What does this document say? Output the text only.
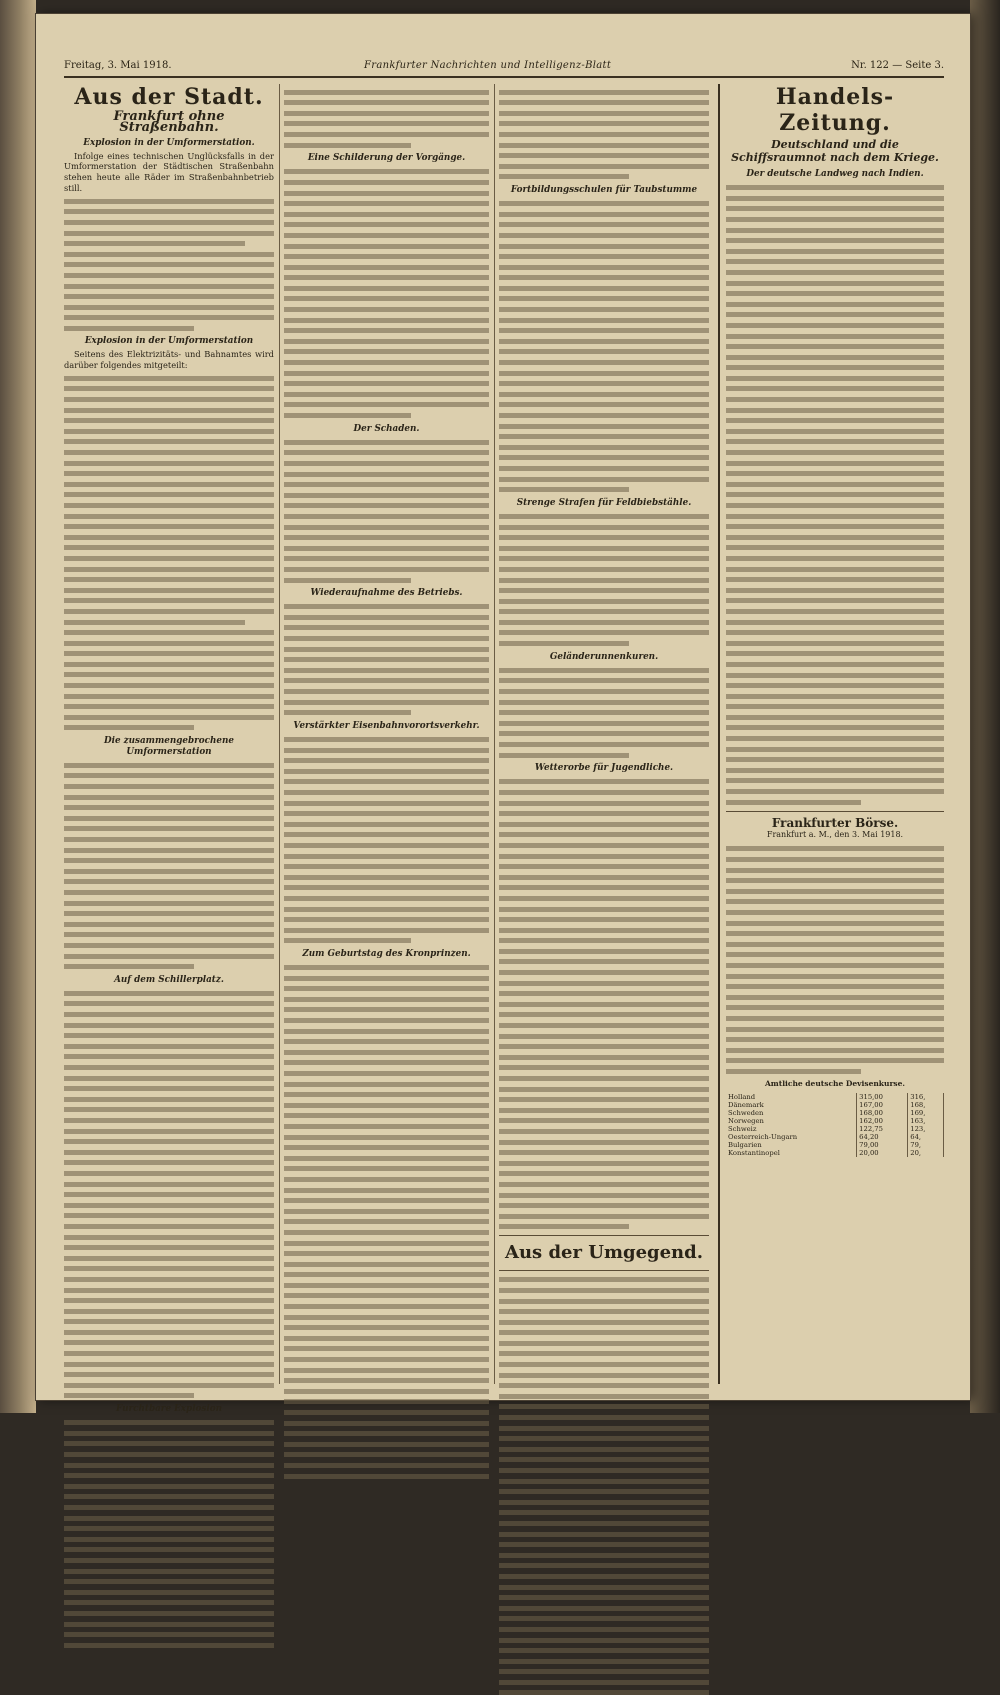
Freitag, 3. Mai 1918.	Frankfurter Nachrichten und Intelligenz-Blatt	Nr. 122 — Seite 3.
Aus der Stadt.
Frankfurt ohne Straßenbahn.
Explosion in der Umformerstation.

Infolge eines technischen Unglücksfalls in der Umformerstation der Städtischen Straßenbahn stehen heute alle Räder im Straßenbahnbetrieb still.

Explosion in der Umformerstation

Seitens des Elektrizitäts- und Bahnamtes wird darüber folgendes mitgeteilt:

Die zusammengebrochene Umformerstation
Auf dem Schillerplatz.
Furchtbare Explosion
Eine Schilderung der Vorgänge.
Der Schaden.
Wiederaufnahme des Betriebs.
Verstärkter Eisenbahnvorortsverkehr.
Zum Geburtstag des Kronprinzen.
Fortbildungsschulen für Taubstumme
Strenge Strafen für Feldbiebstähle.
Geländerunnenkuren.
Wetterorbe für Jugendliche.
Aus der Umgegend.
Handels-Zeitung.
Deutschland und die Schiffsraumnot nach dem Kriege.
Der deutsche Landweg nach Indien.
Frankfurter Börse.
Frankfurt a. M., den 3. Mai 1918.
Amtliche deutsche Devisenkurse.
Holland	315,00	316,
Dänemark	167,00	168,
Schweden	168,00	169,
Norwegen	162,00	163,
Schweiz	122,75	123,
Oesterreich-Ungarn	64,20	64,
Bulgarien	79,00	79,
Konstantinopel	20,00	20,
